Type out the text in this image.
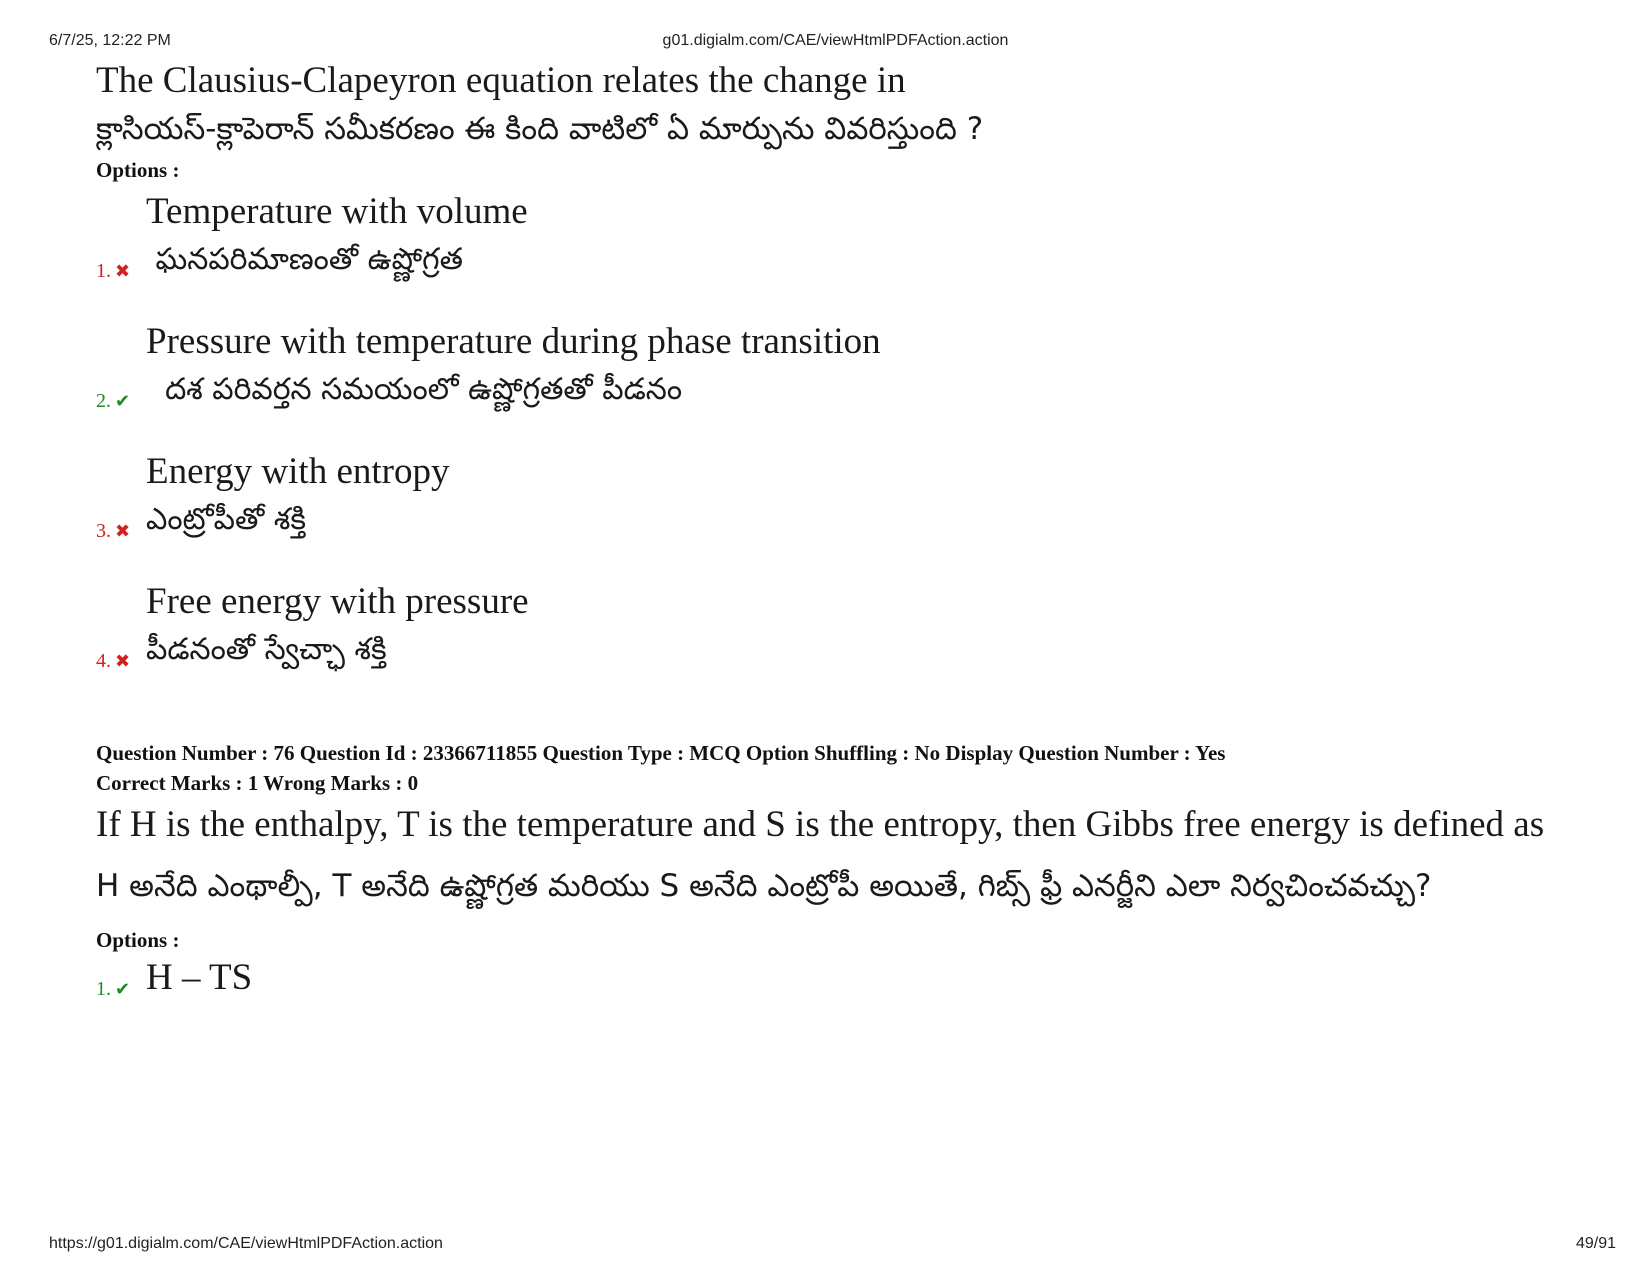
6/7/25, 12:22 PM	g01.digialm.com/CAE/viewHtmlPDFAction.action

The Clausius-Clapeyron equation relates the change in

క్లాసియస్-క్లాపెరాన్ సమీకరణం ఈ కింది వాటిలో ఏ మార్పును వివరిస్తుంది ?

Options :

Temperature with volume

ఘనపరిమాణంతో ఉష్ణోగ్రత

1. ✖

Pressure with temperature during phase transition

దశ పరివర్తన సమయంలో ఉష్ణోగ్రతతో పీడనం

2. ✔

Energy with entropy

ఎంట్రోపీతో శక్తి

3. ✖

Free energy with pressure

పీడనంతో స్వేచ్ఛా శక్తి

4. ✖

Question Number : 76 Question Id : 23366711855 Question Type : MCQ Option Shuffling : No Display Question Number : Yes

Correct Marks : 1 Wrong Marks : 0

If H is the enthalpy, T is the temperature and S is the entropy, then Gibbs free energy is defined as

H అనేది ఎంథాల్పీ, T అనేది ఉష్ణోగ్రత మరియు S అనేది ఎంట్రోపీ అయితే, గిబ్స్ ఫ్రీ ఎనర్జీని ఎలా నిర్వచించవచ్చు?

Options :

H – TS

1. ✔
https://g01.digialm.com/CAE/viewHtmlPDFAction.action	49/91
